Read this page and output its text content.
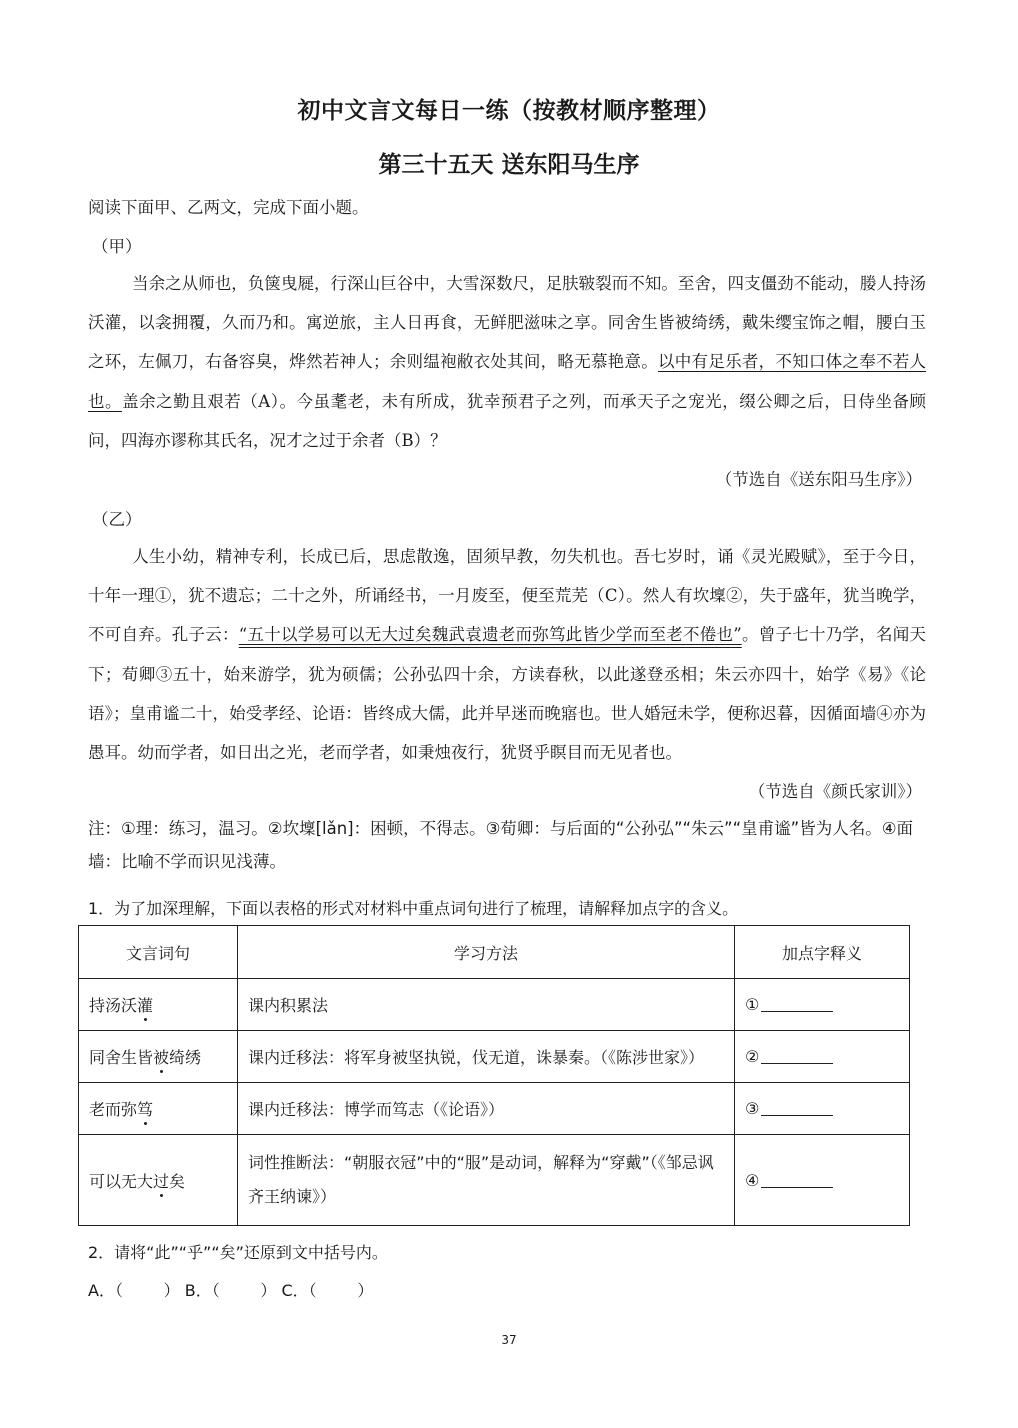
初中文言文每日一练（按教材顺序整理）
第三十五天 送东阳马生序
阅读下面甲、乙两文，完成下面小题。
（甲）
当余之从师也，负箧曳屣，行深山巨谷中，大雪深数尺，足肤皲裂而不知。至舍，四支僵劲不能动，媵人持汤沃灌，以衾拥覆，久而乃和。寓逆旅，主人日再食，无鲜肥滋味之享。同舍生皆被绮绣，戴朱缨宝饰之帽，腰白玉之环，左佩刀，右备容臭，烨然若神人；余则缊袍敝衣处其间，略无慕艳意。以中有足乐者，不知口体之奉不若人也。盖余之勤且艰若（A）。今虽耄老，未有所成，犹幸预君子之列，而承天子之宠光，缀公卿之后，日侍坐备顾问，四海亦谬称其氏名，况才之过于余者（B）？
（节选自《送东阳马生序》）
（乙）
人生小幼，精神专利，长成已后，思虑散逸，固须早教，勿失机也。吾七岁时，诵《灵光殿赋》，至于今日，十年一理①，犹不遗忘；二十之外，所诵经书，一月废至，便至荒芜（C）。然人有坎壈②，失于盛年，犹当晚学，不可自弃。孔子云：“五十以学易可以无大过矣魏武袁遗老而弥笃此皆少学而至老不倦也”。曾子七十乃学，名闻天下；荀卿③五十，始来游学，犹为硕儒；公孙弘四十余，方读春秋，以此遂登丞相；朱云亦四十，始学《易》《论语》；皇甫谧二十，始受孝经、论语：皆终成大儒，此并早迷而晚寤也。世人婚冠未学，便称迟暮，因循面墙④亦为愚耳。幼而学者，如日出之光，老而学者，如秉烛夜行，犹贤乎瞑目而无见者也。
（节选自《颜氏家训》）
注：①理：练习，温习。②坎壈[lǎn]：困顿，不得志。③荀卿：与后面的“公孙弘”“朱云”“皇甫谧”皆为人名。④面墙：比喻不学而识见浅薄。
1．为了加深理解，下面以表格的形式对材料中重点词句进行了梳理，请解释加点字的含义。
文言词句	学习方法	加点字释义
持汤沃灌	课内积累法	①
同舍生皆被绮绣	课内迁移法：将军身被坚执锐，伐无道，诛暴秦。（《陈涉世家》）	②
老而弥笃	课内迁移法：博学而笃志（《论语》）	③
可以无大过矣	词性推断法：“朝服衣冠”中的“服”是动词，解释为“穿戴”（《邹忌讽齐王纳谏》）	④
2．请将“此”“乎”“矣”还原到文中括号内。
A．（        ） B．（        ） C．（        ）
37
